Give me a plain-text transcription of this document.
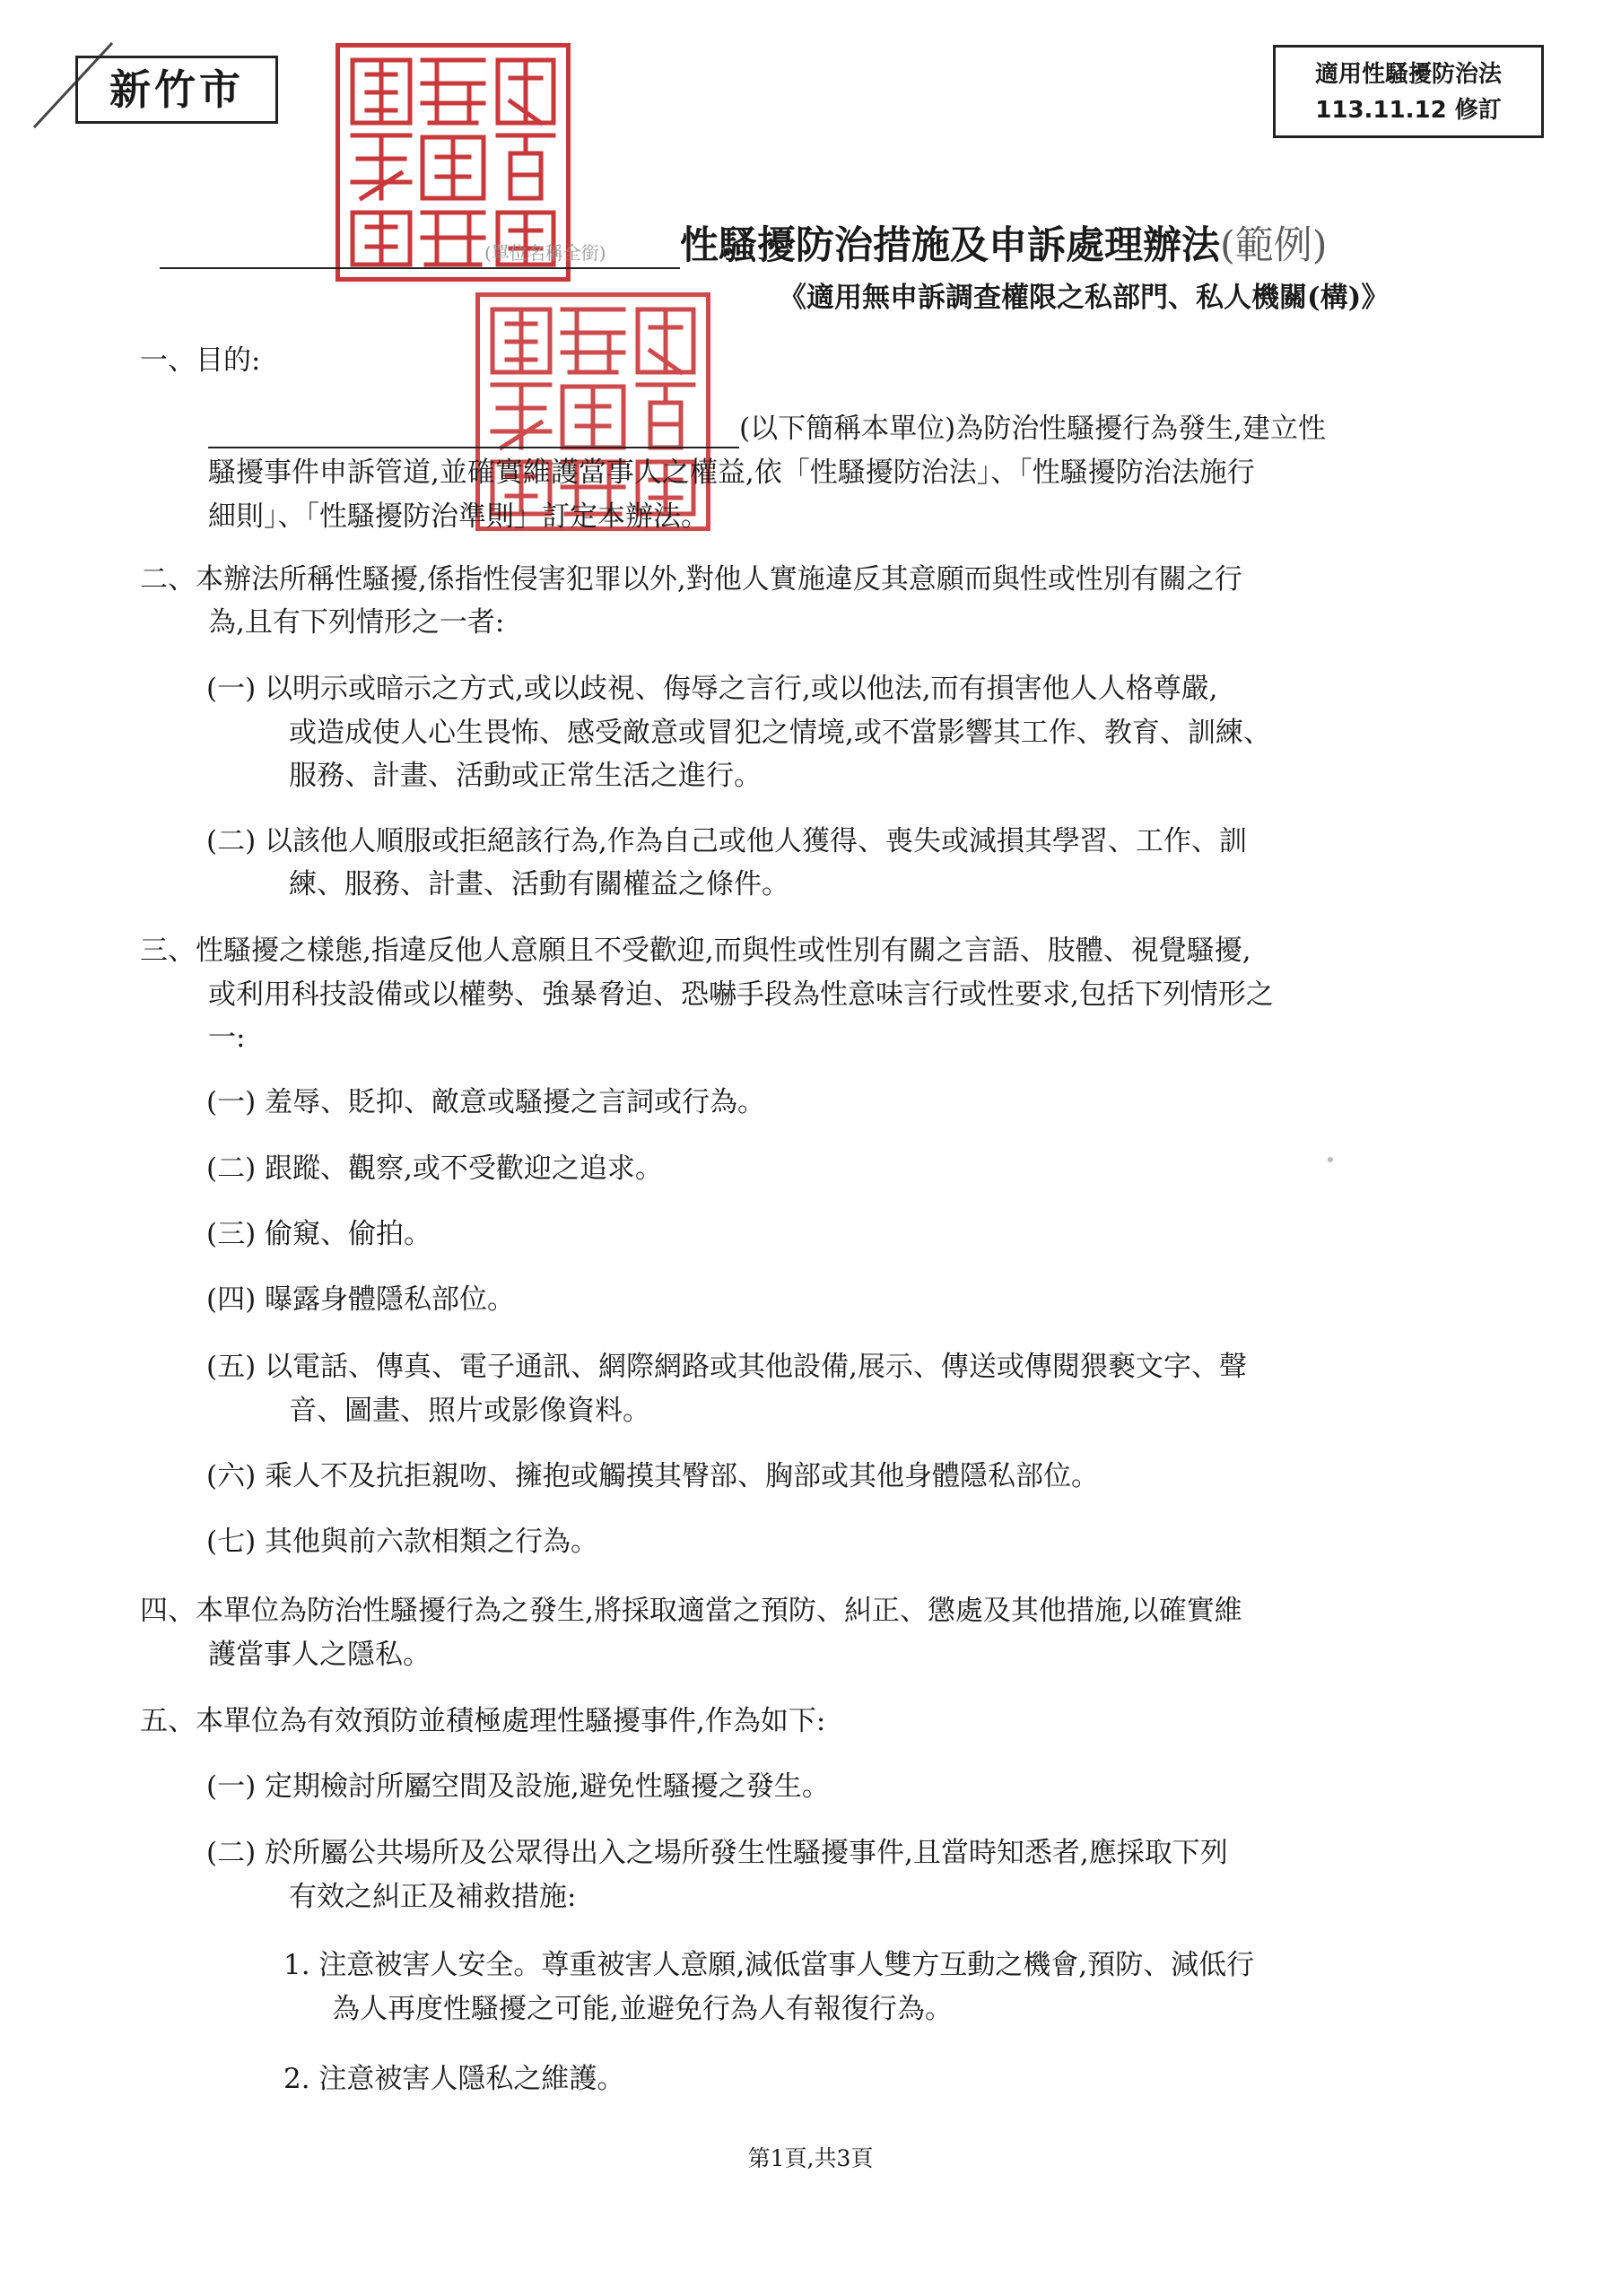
新竹市	適用性騷擾防治法
113.11.12 修訂
(單位名稱全銜) 性騷擾防治措施及申訴處理辦法(範例)
《適用無申訴調查權限之私部門、私人機關(構)》
一、目的:
(以下簡稱本單位)為防治性騷擾行為發生,建立性
騷擾事件申訴管道,並確實維護當事人之權益,依「性騷擾防治法」、「性騷擾防治法施行
細則」、「性騷擾防治準則」訂定本辦法。
二、本辦法所稱性騷擾,係指性侵害犯罪以外,對他人實施違反其意願而與性或性別有關之行
為,且有下列情形之一者:
(一) 以明示或暗示之方式,或以歧視、侮辱之言行,或以他法,而有損害他人人格尊嚴,
或造成使人心生畏怖、感受敵意或冒犯之情境,或不當影響其工作、教育、訓練、
服務、計畫、活動或正常生活之進行。
(二) 以該他人順服或拒絕該行為,作為自己或他人獲得、喪失或減損其學習、工作、訓
練、服務、計畫、活動有關權益之條件。
三、性騷擾之樣態,指違反他人意願且不受歡迎,而與性或性別有關之言語、肢體、視覺騷擾,
或利用科技設備或以權勢、強暴脅迫、恐嚇手段為性意味言行或性要求,包括下列情形之
一:
(一) 羞辱、貶抑、敵意或騷擾之言詞或行為。
(二) 跟蹤、觀察,或不受歡迎之追求。
(三) 偷窺、偷拍。
(四) 曝露身體隱私部位。
(五) 以電話、傳真、電子通訊、網際網路或其他設備,展示、傳送或傳閱猥褻文字、聲
音、圖畫、照片或影像資料。
(六) 乘人不及抗拒親吻、擁抱或觸摸其臀部、胸部或其他身體隱私部位。
(七) 其他與前六款相類之行為。
四、本單位為防治性騷擾行為之發生,將採取適當之預防、糾正、懲處及其他措施,以確實維
護當事人之隱私。
五、本單位為有效預防並積極處理性騷擾事件,作為如下:
(一) 定期檢討所屬空間及設施,避免性騷擾之發生。
(二) 於所屬公共場所及公眾得出入之場所發生性騷擾事件,且當時知悉者,應採取下列
有效之糾正及補救措施:
1. 注意被害人安全。尊重被害人意願,減低當事人雙方互動之機會,預防、減低行
為人再度性騷擾之可能,並避免行為人有報復行為。
2. 注意被害人隱私之維護。
第1頁,共3頁
